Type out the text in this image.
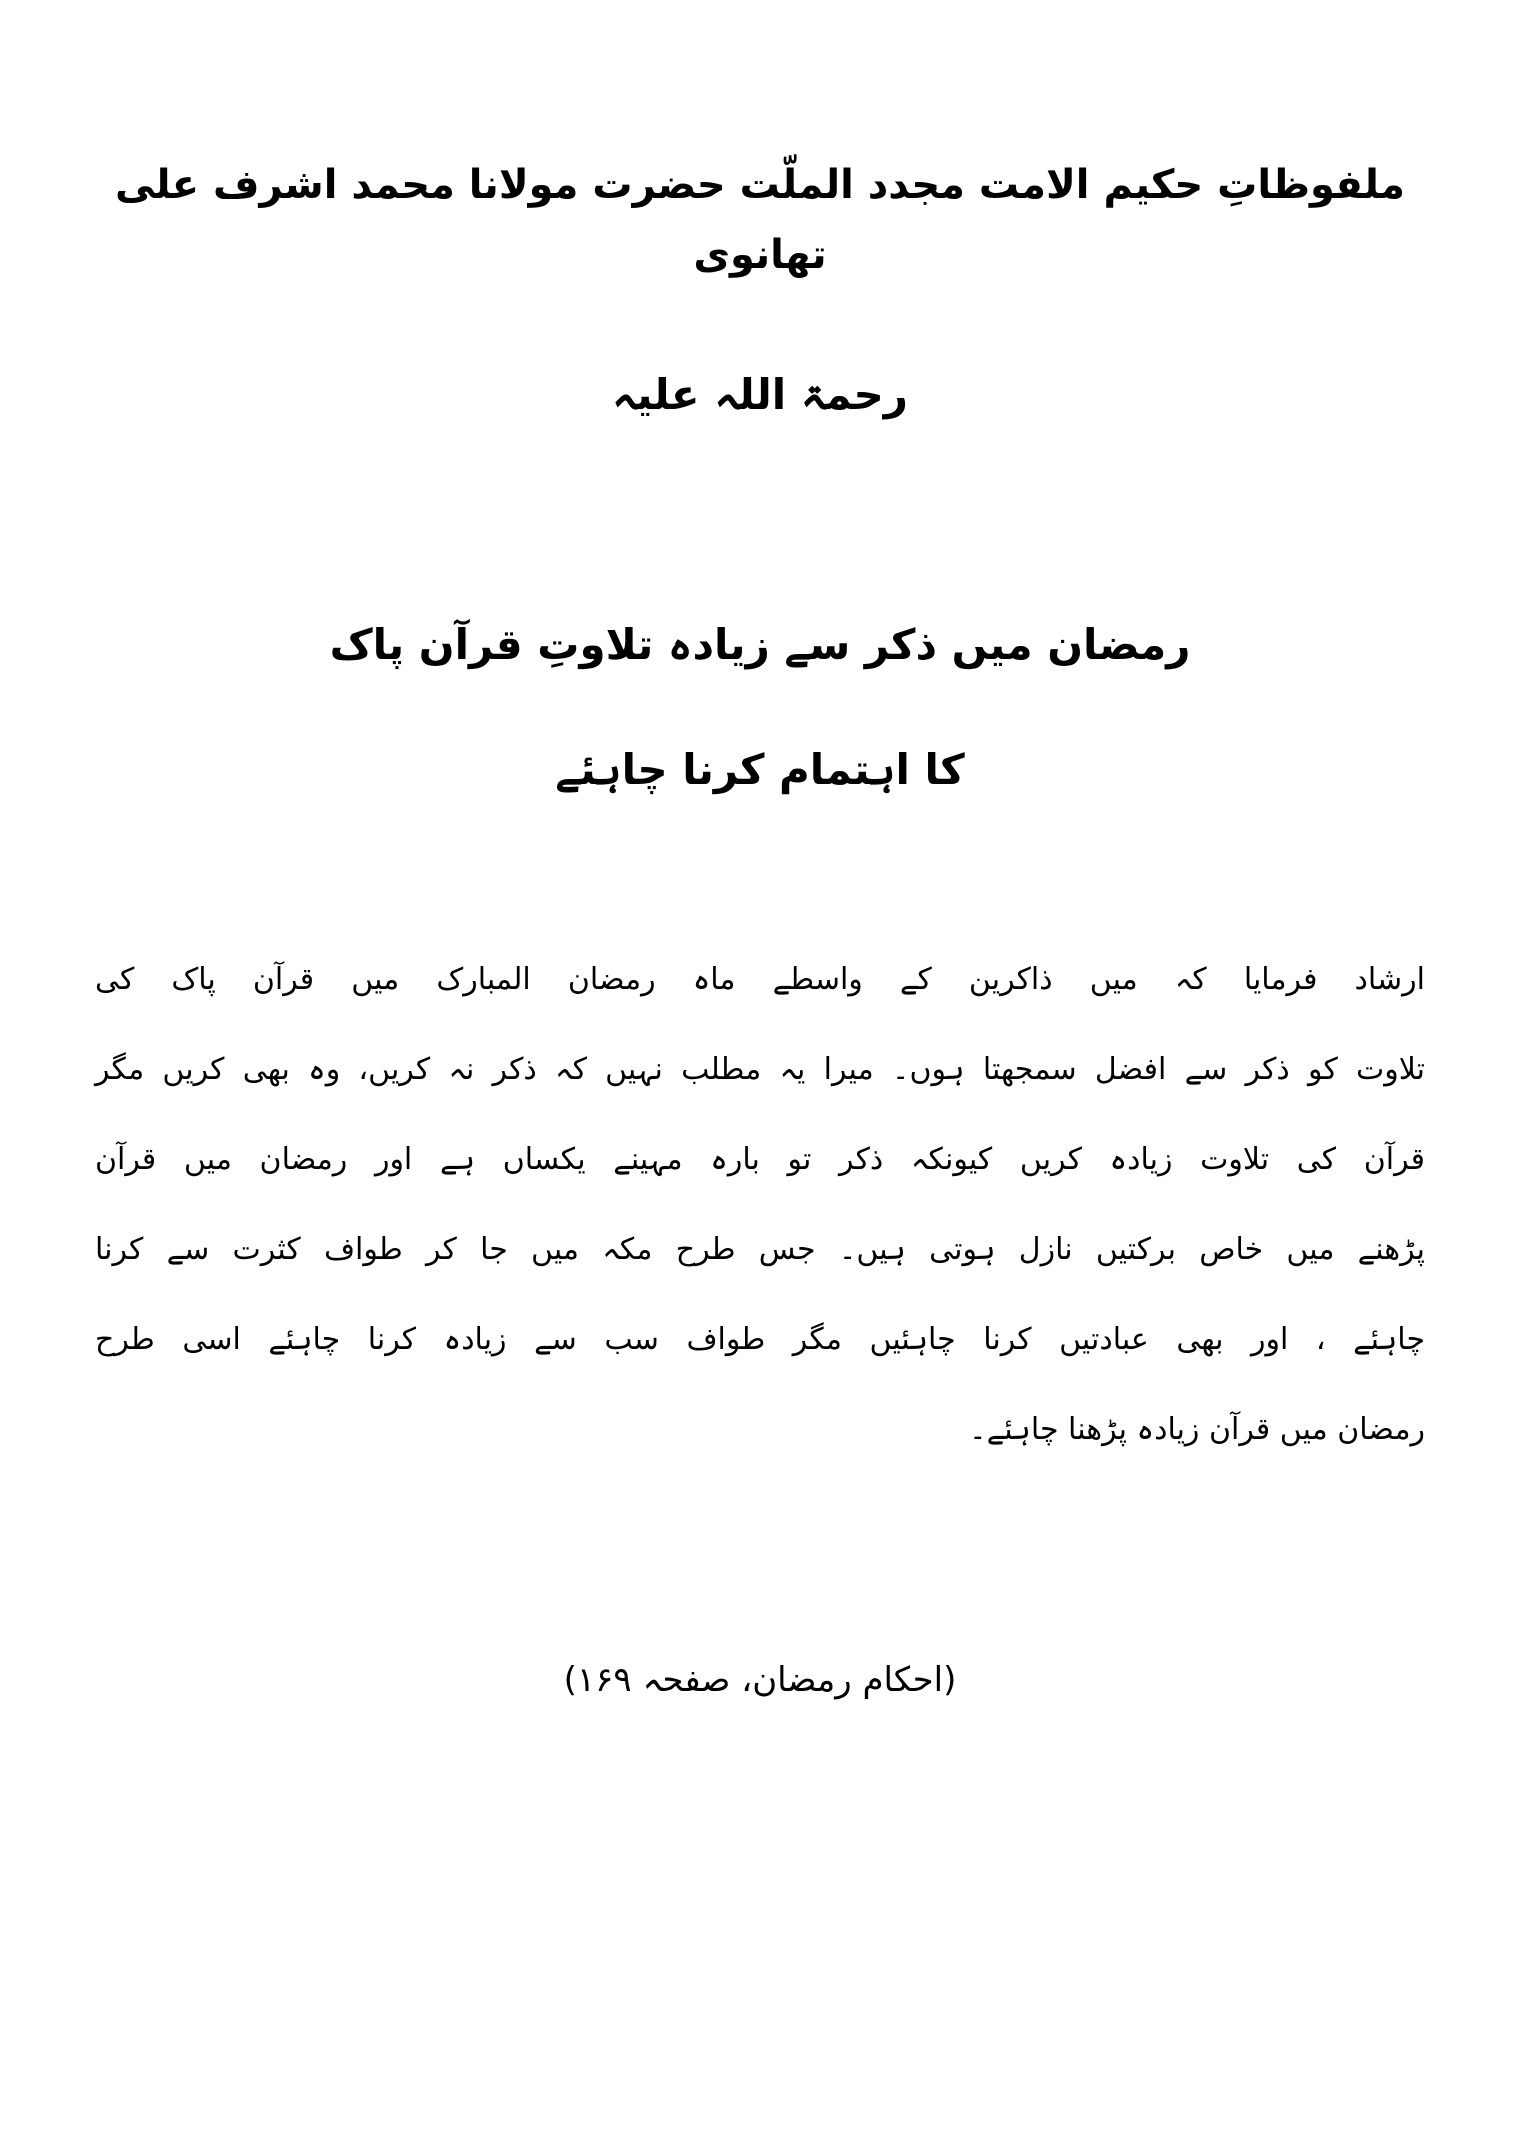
ملفوظاتِ حکیم الامت مجدد الملّت حضرت مولانا محمد اشرف علی تھانوی
رحمۃ اللہ علیہ
رمضان میں ذکر سے زیادہ تلاوتِ قرآن پاک
کا اہتمام کرنا چاہئے
ارشاد فرمایا کہ میں ذاکرین کے واسطے ماہ رمضان المبارک میں قرآن پاک کی
تلاوت کو ذکر سے افضل سمجھتا ہوں۔ میرا یہ مطلب نہیں کہ ذکر نہ کریں، وہ بھی کریں مگر
قرآن کی تلاوت زیادہ کریں کیونکہ ذکر تو بارہ مہینے یکساں ہے اور رمضان میں قرآن
پڑھنے میں خاص برکتیں نازل ہوتی ہیں۔ جس طرح مکہ میں جا کر طواف کثرت سے کرنا
چاہئے ، اور بھی عبادتیں کرنا چاہئیں مگر طواف سب سے زیادہ کرنا چاہئے اسی طرح
رمضان میں قرآن زیادہ پڑھنا چاہئے۔
(احکام رمضان، صفحہ ۱۶۹)
